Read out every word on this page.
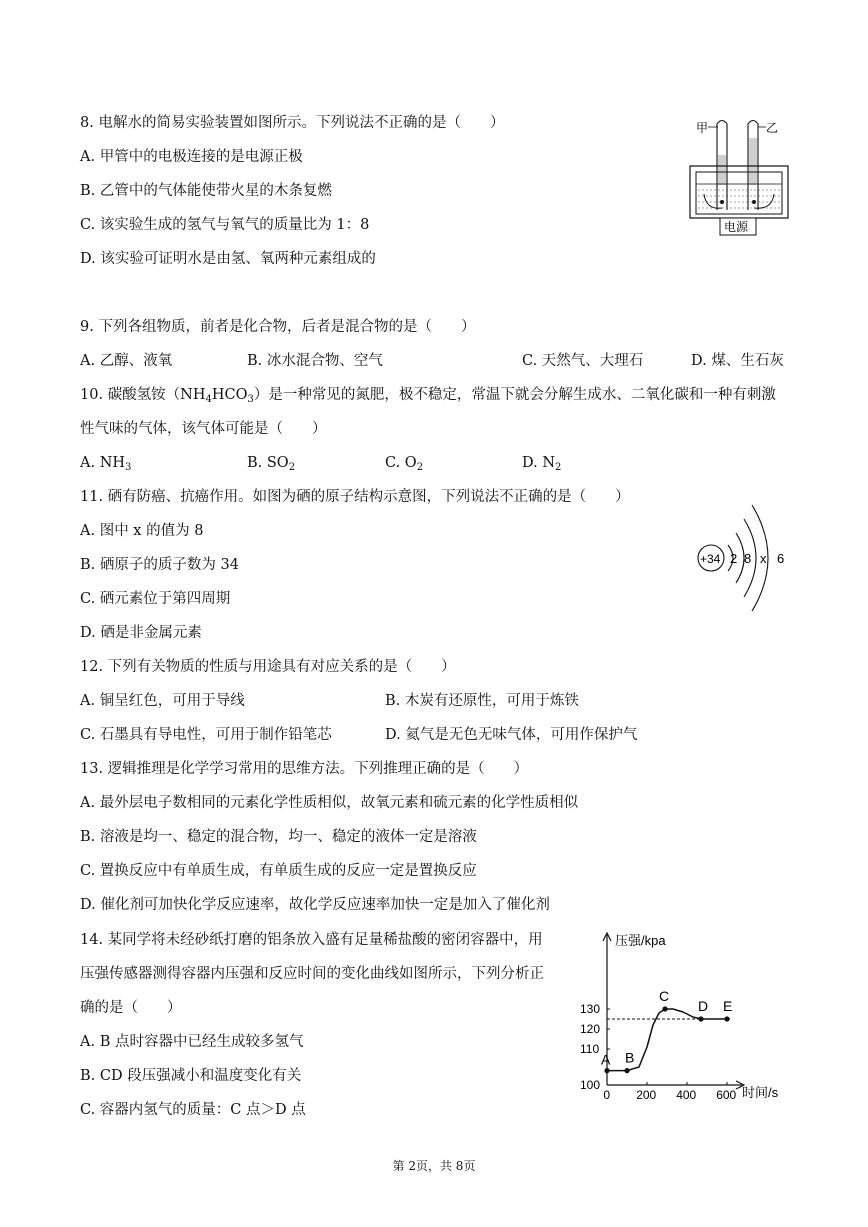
8. 电解水的简易实验装置如图所示。下列说法不正确的是（　　）
A. 甲管中的电极连接的是电源正极
B. 乙管中的气体能使带火星的木条复燃
C. 该实验生成的氢气与氧气的质量比为 1：8
D. 该实验可证明水是由氢、氧两种元素组成的
甲	乙
电源
9. 下列各组物质，前者是化合物，后者是混合物的是（　　）
A. 乙醇、液氧	B. 冰水混合物、空气	C. 天然气、大理石	D. 煤、生石灰
10. 碳酸氢铵$(NH_4HCO_3)$是一种常见的氮肥，极不稳定，常温下就会分解生成水、二氧化碳和一种有刺激
性气味的气体，该气体可能是（　　）
A. $NH_3$	B. $SO_2$	C. $O_2$	D. $N_2$
11. 硒有防癌、抗癌作用。如图为硒的原子结构示意图，下列说法不正确的是（　　）
A. 图中 x 的值为 8
B. 硒原子的质子数为 34
C. 硒元素位于第四周期
D. 硒是非金属元素
+34 2 8 x 6
12. 下列有关物质的性质与用途具有对应关系的是（　　）
A. 铜呈红色，可用于导线	B. 木炭有还原性，可用于炼铁
C. 石墨具有导电性，可用于制作铅笔芯	D. 氦气是无色无味气体，可用作保护气
13. 逻辑推理是化学学习常用的思维方法。下列推理正确的是（　　）
A. 最外层电子数相同的元素化学性质相似，故氧元素和硫元素的化学性质相似
B. 溶液是均一、稳定的混合物，均一、稳定的液体一定是溶液
C. 置换反应中有单质生成，有单质生成的反应一定是置换反应
D. 催化剂可加快化学反应速率，故化学反应速率加快一定是加入了催化剂
14. 某同学将未经砂纸打磨的铝条放入盛有足量稀盐酸的密闭容器中，用
压强传感器测得容器内压强和反应时间的变化曲线如图所示，下列分析正
确的是（　　）
A. B 点时容器中已经生成较多氢气
B. CD 段压强减小和温度变化有关
C. 容器内氢气的质量：C 点＞D 点
压强/kpa
时间/s
0 200 400 600
100
110
120
130
A B
C
D E
第 2页，共 8页
